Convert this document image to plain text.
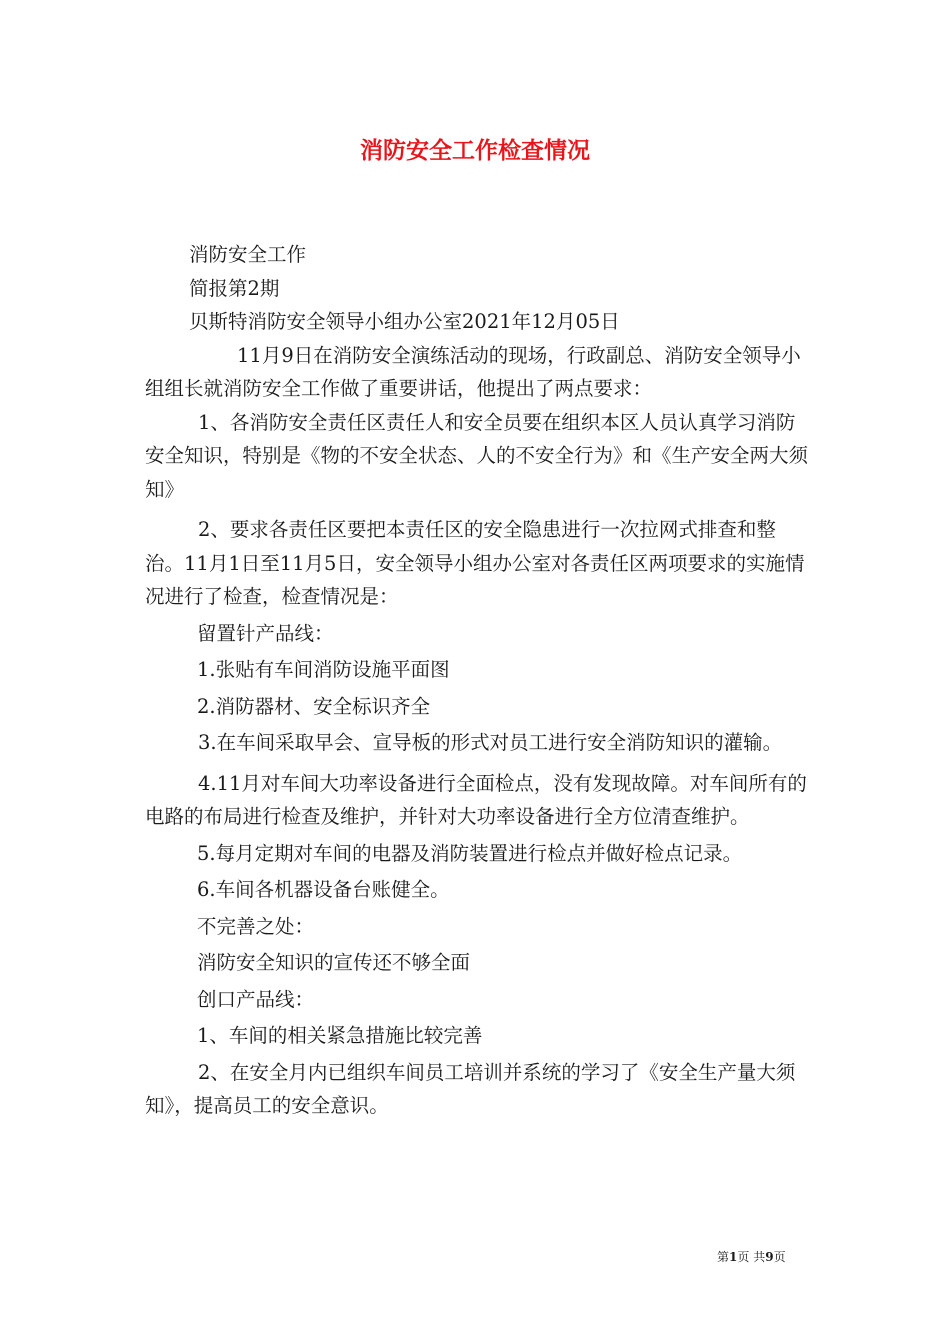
消防安全工作检查情况

消防安全工作

简报第2期

贝斯特消防安全领导小组办公室2021年12月05日

11月9日在消防安全演练活动的现场，行政副总、消防安全领导小组组长就消防安全工作做了重要讲话，他提出了两点要求：

1、各消防安全责任区责任人和安全员要在组织本区人员认真学习消防安全知识，特别是《物的不安全状态、人的不安全行为》和《生产安全两大须知》

2、要求各责任区要把本责任区的安全隐患进行一次拉网式排查和整治。11月1日至11月5日，安全领导小组办公室对各责任区两项要求的实施情况进行了检查，检查情况是：

留置针产品线：

1.张贴有车间消防设施平面图

2.消防器材、安全标识齐全

3.在车间采取早会、宣导板的形式对员工进行安全消防知识的灌输。

4.11月对车间大功率设备进行全面检点，没有发现故障。对车间所有的电路的布局进行检查及维护，并针对大功率设备进行全方位清查维护。

5.每月定期对车间的电器及消防装置进行检点并做好检点记录。

6.车间各机器设备台账健全。

不完善之处：

消防安全知识的宣传还不够全面

创口产品线：

1、车间的相关紧急措施比较完善

2、在安全月内已组织车间员工培训并系统的学习了《安全生产量大须知》，提高员工的安全意识。

第1页 共9页
